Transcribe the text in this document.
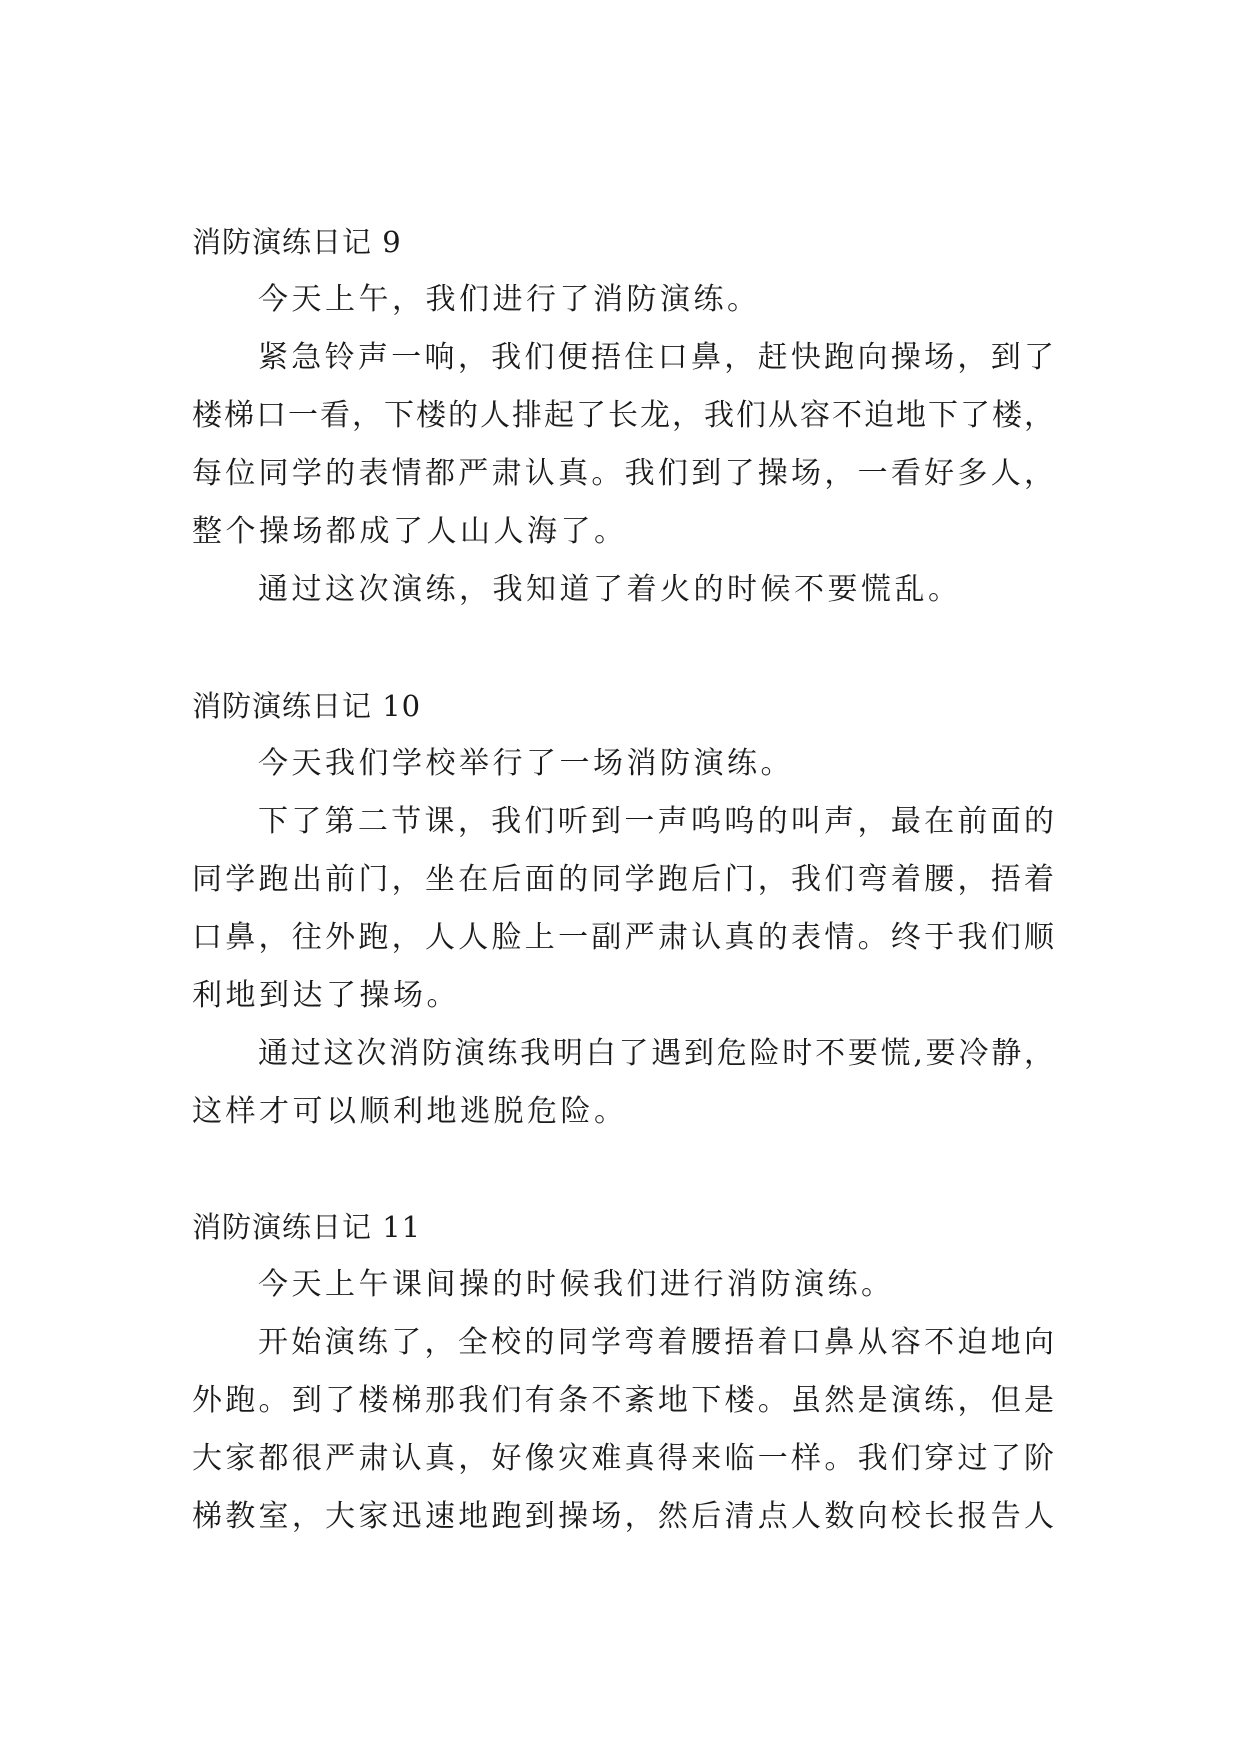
消防演练日记 9
今天上午，我们进行了消防演练。
紧急铃声一响，我们便捂住口鼻，赶快跑向操场，到了
楼梯口一看，下楼的人排起了长龙，我们从容不迫地下了楼，
每位同学的表情都严肃认真。我们到了操场，一看好多人，
整个操场都成了人山人海了。
通过这次演练，我知道了着火的时候不要慌乱。
消防演练日记 10
今天我们学校举行了一场消防演练。
下了第二节课，我们听到一声呜呜的叫声，最在前面的
同学跑出前门，坐在后面的同学跑后门，我们弯着腰，捂着
口鼻，往外跑，人人脸上一副严肃认真的表情。终于我们顺
利地到达了操场。
通过这次消防演练我明白了遇到危险时不要慌,要冷静，
这样才可以顺利地逃脱危险。
消防演练日记 11
今天上午课间操的时候我们进行消防演练。
开始演练了，全校的同学弯着腰捂着口鼻从容不迫地向
外跑。到了楼梯那我们有条不紊地下楼。虽然是演练，但是
大家都很严肃认真，好像灾难真得来临一样。我们穿过了阶
梯教室，大家迅速地跑到操场，然后清点人数向校长报告人
